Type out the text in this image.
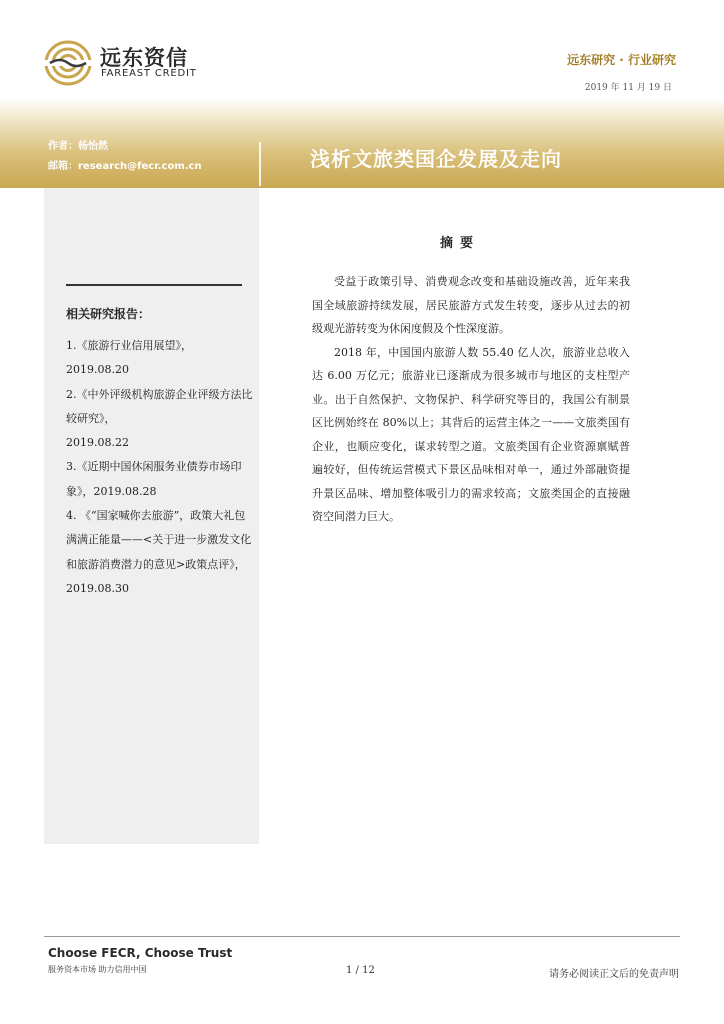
远东资信
FAREAST CREDIT
远东研究 · 行业研究
2019 年 11 月 19 日
作者：杨怡然
邮箱：research@fecr.com.cn	浅析文旅类国企发展及走向
相关研究报告：
1.《旅游行业信用展望》，
2019.08.20
2.《中外评级机构旅游企业评级方法比较研究》，
2019.08.22
3.《近期中国休闲服务业债券市场印象》，2019.08.28
4. 《“国家喊你去旅游”，政策大礼包满满正能量——<关于进一步激发文化和旅游消费潜力的意见>政策点评》，
2019.08.30
摘要

受益于政策引导、消费观念改变和基础设施改善，近年来我国全域旅游持续发展，居民旅游方式发生转变，逐步从过去的初级观光游转变为休闲度假及个性深度游。

2018 年，中国国内旅游人数 55.40 亿人次，旅游业总收入达 6.00 万亿元；旅游业已逐渐成为很多城市与地区的支柱型产业。出于自然保护、文物保护、科学研究等目的，我国公有制景区比例始终在 80%以上；其背后的运营主体之一——文旅类国有企业，也顺应变化，谋求转型之道。文旅类国有企业资源禀赋普遍较好，但传统运营模式下景区品味相对单一，通过外部融资提升景区品味、增加整体吸引力的需求较高；文旅类国企的直接融资空间潜力巨大。

Choose FECR, Choose Trust
服务资本市场 助力信用中国	1 / 12	请务必阅读正文后的免责声明
